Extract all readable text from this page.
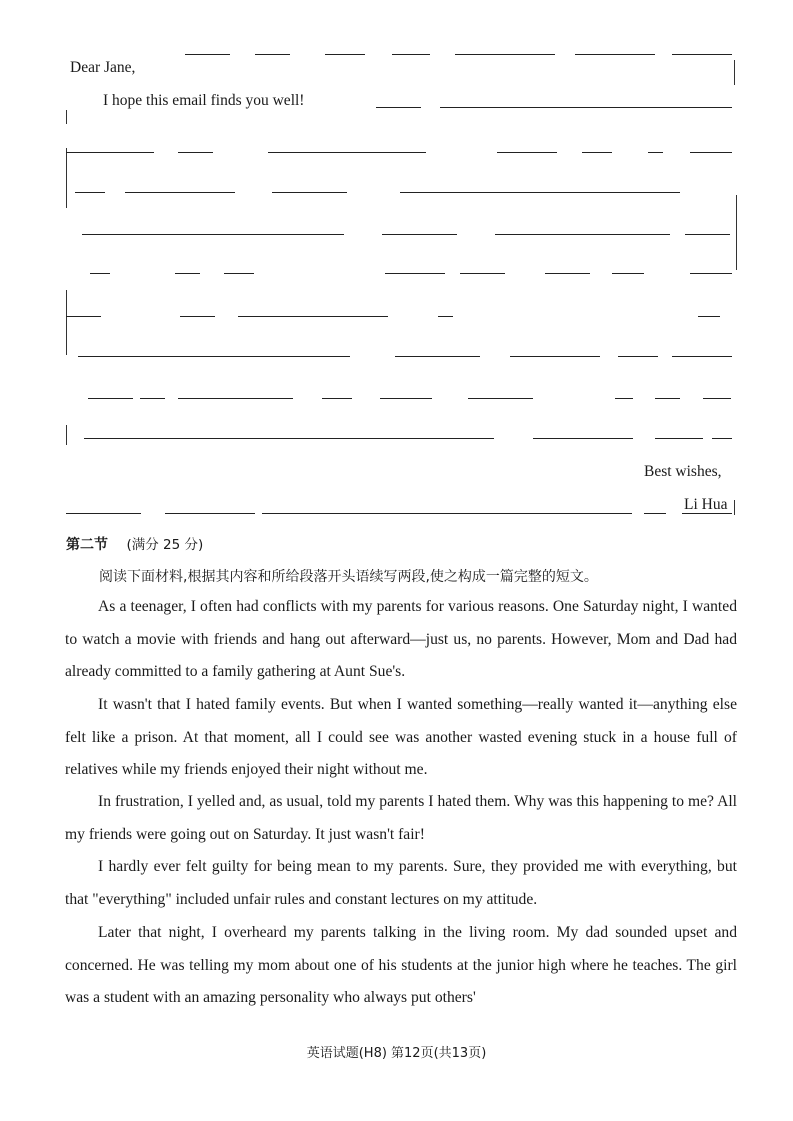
Dear Jane,
I hope this email finds you well!
Best wishes,
Li Hua
第二节 (满分 25 分)
阅读下面材料,根据其内容和所给段落开头语续写两段,使之构成一篇完整的短文。
As a teenager, I often had conflicts with my parents for various reasons. One Saturday night, I wanted to watch a movie with friends and hang out afterward—just us, no parents. However, Mom and Dad had already committed to a family gathering at Aunt Sue's.
It wasn't that I hated family events. But when I wanted something—really wanted it—anything else felt like a prison. At that moment, all I could see was another wasted evening stuck in a house full of relatives while my friends enjoyed their night without me.
In frustration, I yelled and, as usual, told my parents I hated them. Why was this happening to me? All my friends were going out on Saturday. It just wasn't fair!
I hardly ever felt guilty for being mean to my parents. Sure, they provided me with everything, but that "everything" included unfair rules and constant lectures on my attitude.
Later that night, I overheard my parents talking in the living room. My dad sounded upset and concerned. He was telling my mom about one of his students at the junior high where he teaches. The girl was a student with an amazing personality who always put others'
英语试题(H8) 第12页(共13页)
